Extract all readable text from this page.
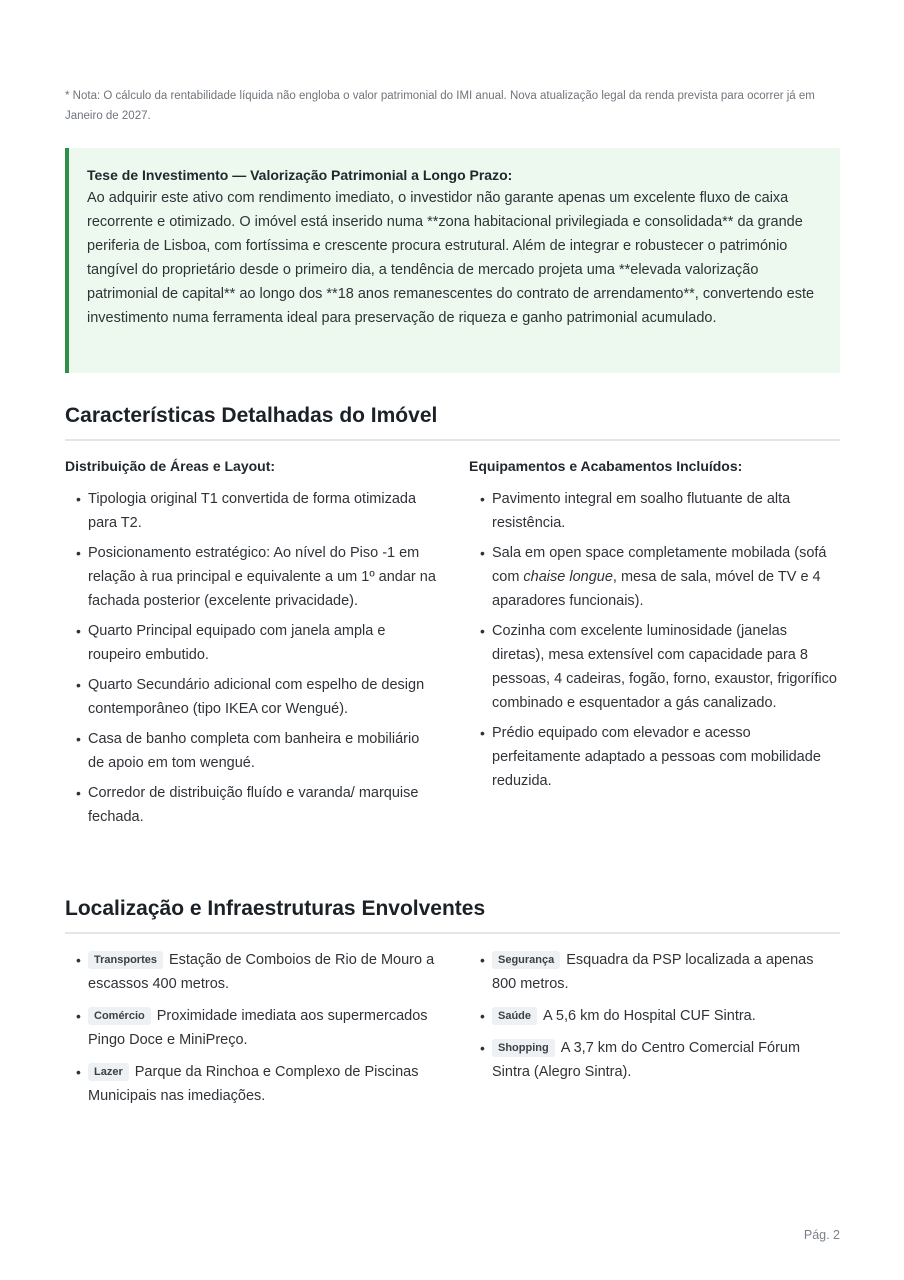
* Nota: O cálculo da rentabilidade líquida não engloba o valor patrimonial do IMI anual. Nova atualização legal da renda prevista para ocorrer já em Janeiro de 2027.
Tese de Investimento — Valorização Patrimonial a Longo Prazo:
Ao adquirir este ativo com rendimento imediato, o investidor não garante apenas um excelente fluxo de caixa recorrente e otimizado. O imóvel está inserido numa **zona habitacional privilegiada e consolidada** da grande periferia de Lisboa, com fortíssima e crescente procura estrutural. Além de integrar e robustecer o património tangível do proprietário desde o primeiro dia, a tendência de mercado projeta uma **elevada valorização patrimonial de capital** ao longo dos **18 anos remanescentes do contrato de arrendamento**, convertendo este investimento numa ferramenta ideal para preservação de riqueza e ganho patrimonial acumulado.
Características Detalhadas do Imóvel
Distribuição de Áreas e Layout:
• Tipologia original T1 convertida de forma otimizada para T2.
• Posicionamento estratégico: Ao nível do Piso -1 em relação à rua principal e equivalente a um 1º andar na fachada posterior (excelente privacidade).
• Quarto Principal equipado com janela ampla e roupeiro embutido.
• Quarto Secundário adicional com espelho de design contemporâneo (tipo IKEA cor Wengué).
• Casa de banho completa com banheira e mobiliário de apoio em tom wengué.
• Corredor de distribuição fluído e varanda/ marquise fechada.
Equipamentos e Acabamentos Incluídos:
• Pavimento integral em soalho flutuante de alta resistência.
• Sala em open space completamente mobilada (sofá com chaise longue, mesa de sala, móvel de TV e 4 aparadores funcionais).
• Cozinha com excelente luminosidade (janelas diretas), mesa extensível com capacidade para 8 pessoas, 4 cadeiras, fogão, forno, exaustor, frigorífico combinado e esquentador a gás canalizado.
• Prédio equipado com elevador e acesso perfeitamente adaptado a pessoas com mobilidade reduzida.
Localização e Infraestruturas Envolventes
• Transportes Estação de Comboios de Rio de Mouro a escassos 400 metros.
• Comércio Proximidade imediata aos supermercados Pingo Doce e MiniPreço.
• Lazer Parque da Rinchoa e Complexo de Piscinas Municipais nas imediações.
• Segurança Esquadra da PSP localizada a apenas 800 metros.
• Saúde A 5,6 km do Hospital CUF Sintra.
• Shopping A 3,7 km do Centro Comercial Fórum Sintra (Alegro Sintra).
Pág. 2
